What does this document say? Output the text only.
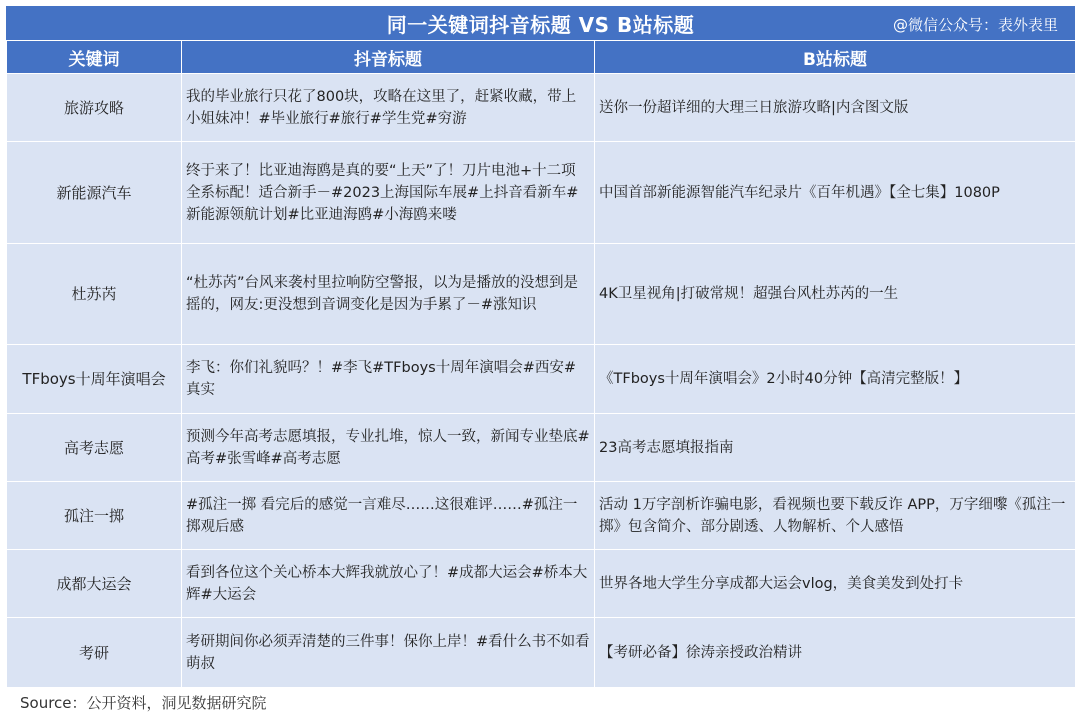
同一关键词抖音标题 VS B站标题	@微信公众号：表外表里
关键词	抖音标题	B站标题
旅游攻略	我的毕业旅行只花了800块，攻略在这里了，赶紧收藏，带上小姐妹冲！#毕业旅行#旅行#学生党#穷游	送你一份超详细的大理三日旅游攻略|内含图文版
新能源汽车	终于来了！比亚迪海鸥是真的要“上天”了！刀片电池+十二项全系标配！适合新手－#2023上海国际车展#上抖音看新车#新能源领航计划#比亚迪海鸥#小海鸥来喽	中国首部新能源智能汽车纪录片《百年机遇》【全七集】1080P
杜苏芮	“杜苏芮”台风来袭村里拉响防空警报，以为是播放的没想到是摇的，网友:更没想到音调变化是因为手累了－#涨知识	4K卫星视角|打破常规！超强台风杜苏芮的一生
TFboys十周年演唱会	李飞：你们礼貌吗？！#李飞#TFboys十周年演唱会#西安#真实	《TFboys十周年演唱会》2小时40分钟【高清完整版！】
高考志愿	预测今年高考志愿填报，专业扎堆，惊人一致，新闻专业垫底#高考#张雪峰#高考志愿	23高考志愿填报指南
孤注一掷	#孤注一掷 看完后的感觉一言难尽……这很难评……#孤注一掷观后感	活动 1万字剖析诈骗电影，看视频也要下载反诈 APP，万字细嚟《孤注一掷》包含简介、部分剧透、人物解析、个人感悟
成都大运会	看到各位这个关心桥本大辉我就放心了！#成都大运会#桥本大辉#大运会	世界各地大学生分享成都大运会vlog，美食美发到处打卡
考研	考研期间你必须弄清楚的三件事！保你上岸！#看什么书不如看萌叔	【考研必备】徐涛亲授政治精讲
Source：公开资料，洞见数据研究院
